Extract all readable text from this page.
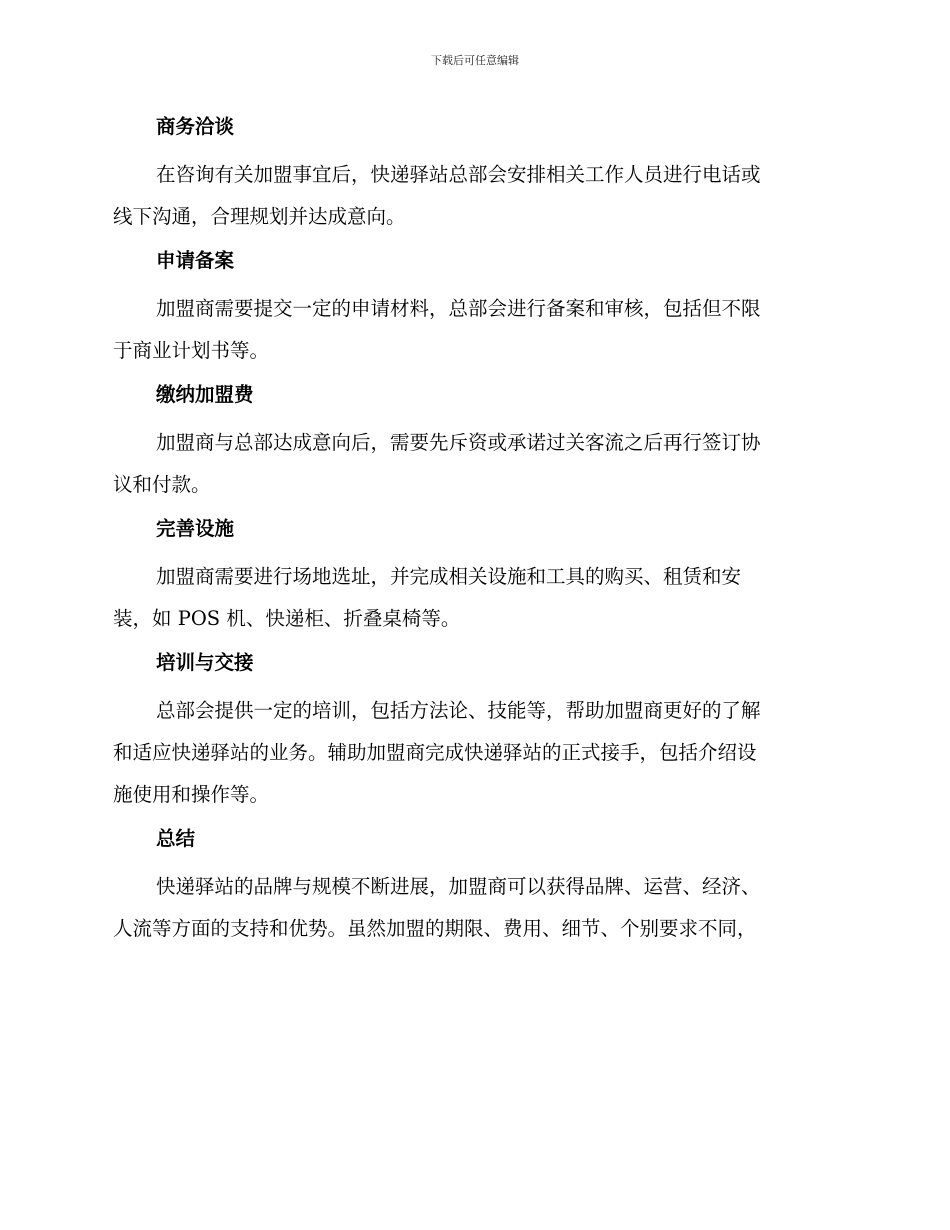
下载后可任意编辑
商务洽谈
在咨询有关加盟事宜后，快递驿站总部会安排相关工作人员进行电话或
线下沟通，合理规划并达成意向。
申请备案
加盟商需要提交一定的申请材料，总部会进行备案和审核，包括但不限
于商业计划书等。
缴纳加盟费
加盟商与总部达成意向后，需要先斥资或承诺过关客流之后再行签订协
议和付款。
完善设施
加盟商需要进行场地选址，并完成相关设施和工具的购买、租赁和安
装，如 POS 机、快递柜、折叠桌椅等。
培训与交接
总部会提供一定的培训，包括方法论、技能等，帮助加盟商更好的了解
和适应快递驿站的业务。辅助加盟商完成快递驿站的正式接手，包括介绍设
施使用和操作等。
总结
快递驿站的品牌与规模不断进展，加盟商可以获得品牌、运营、经济、
人流等方面的支持和优势。虽然加盟的期限、费用、细节、个别要求不同，
